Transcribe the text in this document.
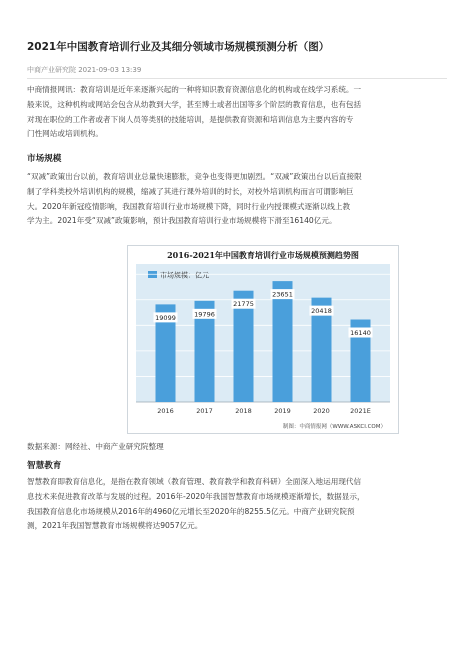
2021年中国教育培训行业及其细分领域市场规模预测分析（图）
中商产业研究院 2021-09-03 13:39

中商情报网讯：教育培训是近年来逐渐兴起的一种将知识教育资源信息化的机构或在线学习系统。一

般来说，这种机构或网站会包含从幼教到大学，甚至博士或者出国等多个阶层的教育信息，也有包括

对现在职位的工作者或者下岗人员等类别的技能培训，是提供教育资源和培训信息为主要内容的专

门性网站或培训机构。

市场规模

“双减”政策出台以前，教育培训业总量快速膨胀，竞争也变得更加剧烈。“双减”政策出台以后直接限

制了学科类校外培训机构的规模，缩减了其进行课外培训的时长，对校外培训机构而言可谓影响巨

大。2020年新冠疫情影响，我国教育培训行业市场规模下降，同时行业内授课模式逐渐以线上教

学为主。2021年受“双减”政策影响，预计我国教育培训行业市场规模将下滑至16140亿元。

2016-2021年中国教育培训行业市场规模预测趋势图
市场规模：亿元
19099
2016
19796
2017
21775
2018
23651
2019
20418
2020
16140
2021E
制图：中商情报网（WWW.ASKCI.COM）
数据来源：网经社、中商产业研究院整理
智慧教育

智慧教育即教育信息化，是指在教育领域（教育管理、教育教学和教育科研）全面深入地运用现代信

息技术来促进教育改革与发展的过程。2016年-2020年我国智慧教育市场规模逐渐增长，数据显示，

我国教育信息化市场规模从2016年的4960亿元增长至2020年的8255.5亿元。中商产业研究院预

测，2021年我国智慧教育市场规模将达9057亿元。
